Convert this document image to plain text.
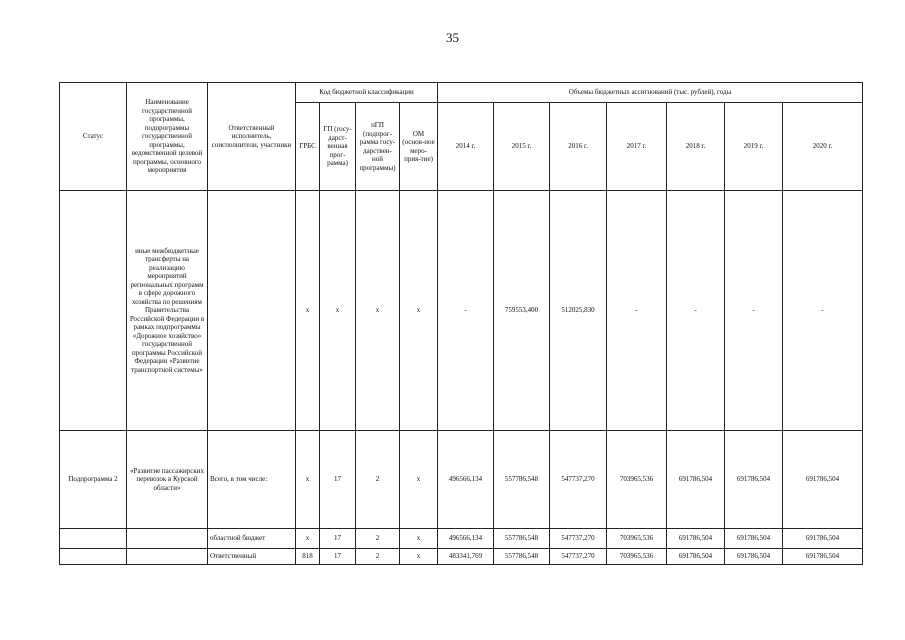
35
Статус	Наименование государственной программы, подпрограммы государственной программы, ведомственной целевой программы, основного мероприятия	Ответственный исполнитель, соисполнители, участники	Код бюджетной классификации				Объемы бюджетных ассигнований (тыс. рублей), годы						
			ГРБС	ГП (госу-дарст-венная прог-рамма)	пГП (подпрог-рамма госу-дарствен-ной программы)	ОМ (основ-ное меро-прия-тие)	2014 г.	2015 г.	2016 г.	2017 г.	2018 г.	2019 г.	2020 г.
	иные межбюджетные трансферты на реализацию мероприятий региональных программ в сфере дорожного хозяйства по решениям Правительства Российской Федерации в рамках подпрограммы «Дорожное хозяйство» государственной программы Российской Федерации «Развитие транспортной системы»		x	x	x	x	-	759553,400	512025,830	-	-	-	-
Подпрограмма 2	«Развитие пассажирских перевозок в Курской области»	Всего, в том числе:	x	17	2	x	496566,134	557786,548	547737,270	703965,536	691786,504	691786,504	691786,504
		областной бюджет	x	17	2	x	496566,134	557786,548	547737,270	703965,536	691786,504	691786,504	691786,504
		Ответственный	818	17	2	x	483341,769	557786,548	547737,270	703965,536	691786,504	691786,504	691786,504
